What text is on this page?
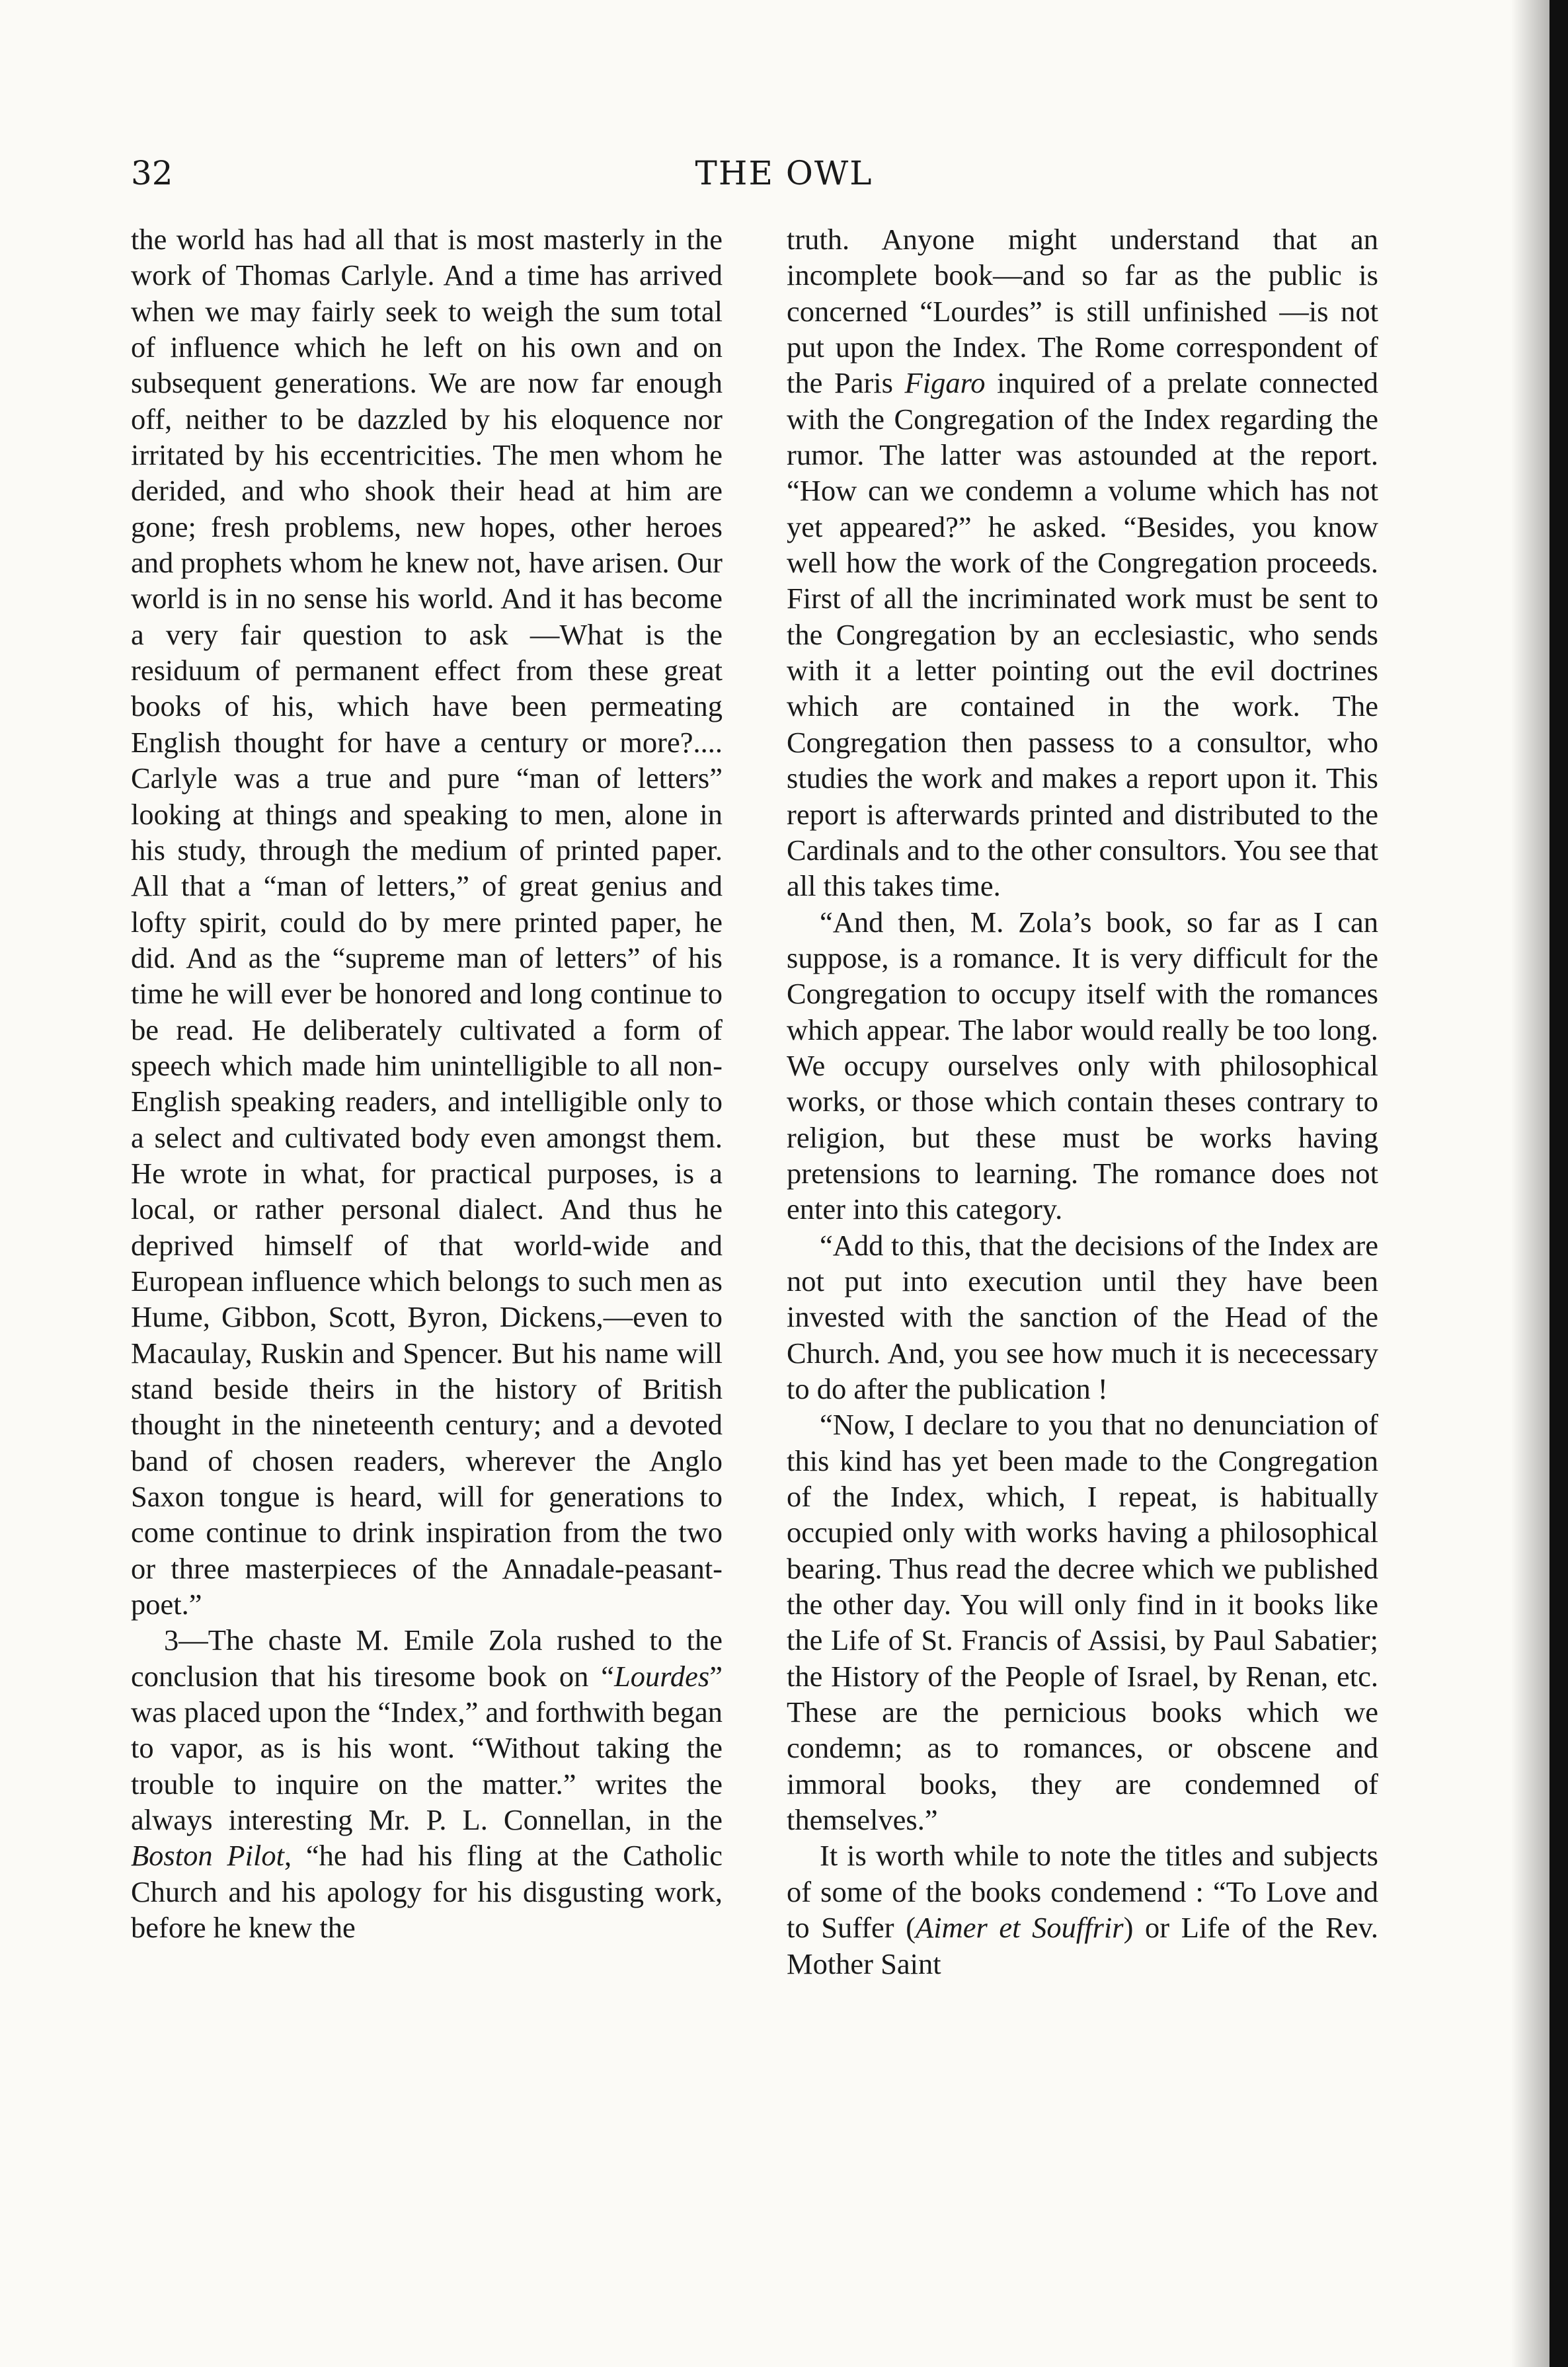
32	THE OWL

the world has had all that is most masterly in the work of Thomas Carlyle. And a time has arrived when we may fairly seek to weigh the sum total of influence which he left on his own and on subsequent generations. We are now far enough off, neither to be dazzled by his eloquence nor irritated by his eccentricities. The men whom he derided, and who shook their head at him are gone; fresh problems, new hopes, other heroes and prophets whom he knew not, have arisen. Our world is in no sense his world. And it has become a very fair question to ask —What is the residuum of permanent effect from these great books of his, which have been permeating English thought for have a century or more?.... Carlyle was a true and pure “man of letters” looking at things and speaking to men, alone in his study, through the medium of printed paper. All that a “man of letters,” of great genius and lofty spirit, could do by mere printed paper, he did. And as the “supreme man of letters” of his time he will ever be honored and long continue to be read. He deliberately cultivated a form of speech which made him unintelligible to all non-English speaking readers, and intelligible only to a select and cultivated body even amongst them. He wrote in what, for practical purposes, is a local, or rather personal dialect. And thus he deprived himself of that world-wide and European influence which belongs to such men as Hume, Gibbon, Scott, Byron, Dickens,—even to Macaulay, Ruskin and Spencer. But his name will stand beside theirs in the history of British thought in the nineteenth century; and a devoted band of chosen readers, wherever the Anglo Saxon tongue is heard, will for generations to come continue to drink inspiration from the two or three masterpieces of the Annadale-peasant-poet.”

3—The chaste M. Emile Zola rushed to the conclusion that his tiresome book on “Lourdes” was placed upon the “Index,” and forthwith began to vapor, as is his wont. “Without taking the trouble to inquire on the matter.” writes the always interesting Mr. P. L. Connellan, in the Boston Pilot, “he had his fling at the Catholic Church and his apology for his disgusting work, before he knew the

truth. Anyone might understand that an incomplete book—and so far as the public is concerned “Lourdes” is still unfinished —is not put upon the Index. The Rome correspondent of the Paris Figaro inquired of a prelate connected with the Congregation of the Index regarding the rumor. The latter was astounded at the report. “How can we condemn a volume which has not yet appeared?” he asked. “Besides, you know well how the work of the Congregation proceeds. First of all the incriminated work must be sent to the Congregation by an ecclesiastic, who sends with it a letter pointing out the evil doctrines which are contained in the work. The Congregation then passess to a consultor, who studies the work and makes a report upon it. This report is afterwards printed and distributed to the Cardinals and to the other consultors. You see that all this takes time.

“And then, M. Zola’s book, so far as I can suppose, is a romance. It is very difficult for the Congregation to occupy itself with the romances which appear. The labor would really be too long. We occupy ourselves only with philosophical works, or those which contain theses contrary to religion, but these must be works having pretensions to learning. The romance does not enter into this category.

“Add to this, that the decisions of the Index are not put into execution until they have been invested with the sanction of the Head of the Church. And, you see how much it is nececessary to do after the publication !

“Now, I declare to you that no denunciation of this kind has yet been made to the Congregation of the Index, which, I repeat, is habitually occupied only with works having a philosophical bearing. Thus read the decree which we published the other day. You will only find in it books like the Life of St. Francis of Assisi, by Paul Sabatier; the History of the People of Israel, by Renan, etc. These are the pernicious books which we condemn; as to romances, or obscene and immoral books, they are condemned of themselves.”

It is worth while to note the titles and subjects of some of the books condemend : “To Love and to Suffer (Aimer et Souffrir) or Life of the Rev. Mother Saint
